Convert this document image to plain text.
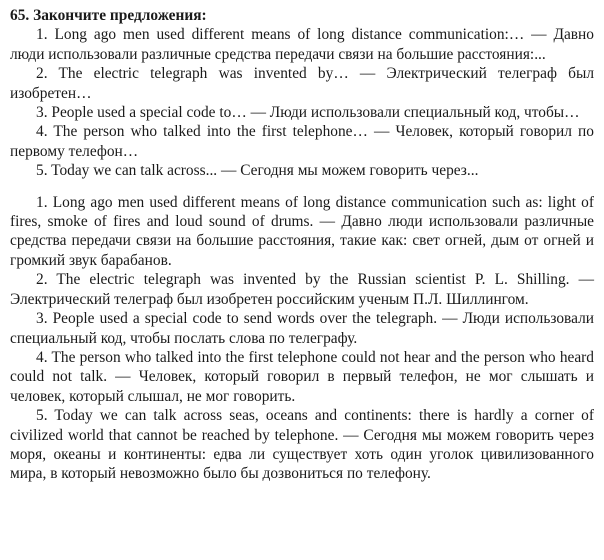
65. Закончите предложения:

1. Long ago men used different means of long distance communication:… — Давно люди использовали различные средства передачи связи на большие расстояния:...

2. The electric telegraph was invented by… — Электрический телеграф был изобретен…

3. People used a special code to… — Люди использовали специальный код, чтобы…

4. The person who talked into the first telephone… — Человек, который говорил по первому телефон…

5. Today we can talk across... — Сегодня мы можем говорить через...

1. Long ago men used different means of long distance communication such as: light of fires, smoke of fires and loud sound of drums. — Давно люди использовали различные средства передачи связи на большие расстояния, такие как: свет огней, дым от огней и громкий звук барабанов.

2. The electric telegraph was invented by the Russian scientist P. L. Shilling. — Электрический телеграф был изобретен российским ученым П.Л. Шиллингом.

3. People used a special code to send words over the telegraph. — Люди использовали специальный код, чтобы послать слова по телеграфу.

4. The person who talked into the first telephone could not hear and the person who heard could not talk. — Человек, который говорил в первый телефон, не мог слышать и человек, который слышал, не мог говорить.

5. Today we can talk across seas, oceans and continents: there is hardly a corner of civilized world that cannot be reached by telephone. — Сегодня мы можем говорить через моря, океаны и континенты: едва ли существует хоть один уголок цивилизованного мира, в который невозможно было бы дозвониться по телефону.
